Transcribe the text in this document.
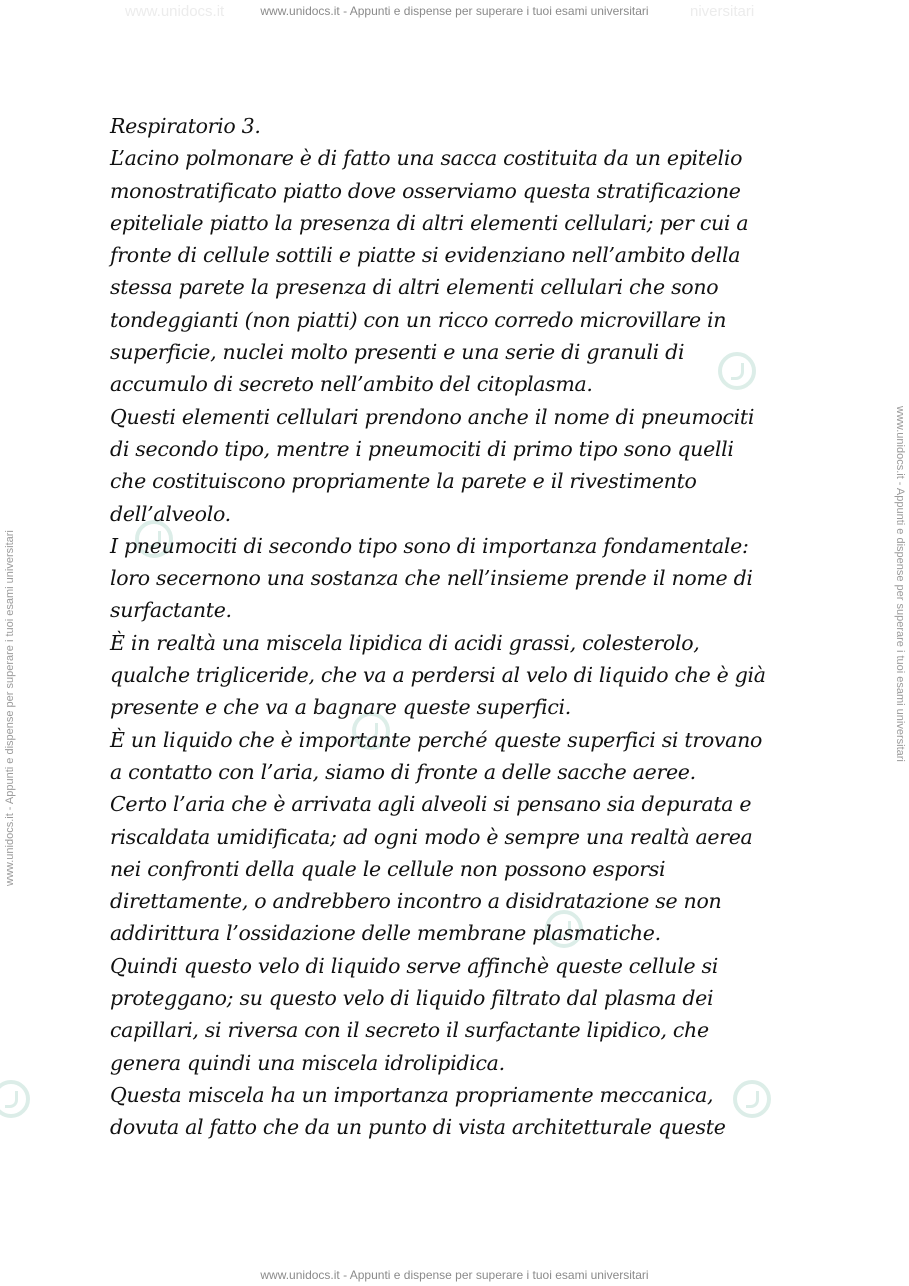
www.unidocs.it	niversitari
www.unidocs.it - Appunti e dispense per superare i tuoi esami universitari
www.unidocs.it - Appunti e dispense per superare i tuoi esami universitari	www.unidocs.it - Appunti e dispense per superare i tuoi esami universitari

Respiratorio 3.

L’acino polmonare è di fatto una sacca costituita da un epitelio

monostratificato piatto dove osserviamo questa stratificazione

epiteliale piatto la presenza di altri elementi cellulari; per cui a

fronte di cellule sottili e piatte si evidenziano nell’ambito della

stessa parete la presenza di altri elementi cellulari che sono

tondeggianti (non piatti) con un ricco corredo microvillare in

superficie, nuclei molto presenti e una serie di granuli di

accumulo di secreto nell’ambito del citoplasma.

Questi elementi cellulari prendono anche il nome di pneumociti

di secondo tipo, mentre i pneumociti di primo tipo sono quelli

che costituiscono propriamente la parete e il rivestimento

dell’alveolo.

I pneumociti di secondo tipo sono di importanza fondamentale:

loro secernono una sostanza che nell’insieme prende il nome di

surfactante.

È in realtà una miscela lipidica di acidi grassi, colesterolo,

qualche trigliceride, che va a perdersi al velo di liquido che è già

presente e che va a bagnare queste superfici.

È un liquido che è importante perché queste superfici si trovano

a contatto con l’aria, siamo di fronte a delle sacche aeree.

Certo l’aria che è arrivata agli alveoli si pensano sia depurata e

riscaldata umidificata; ad ogni modo è sempre una realtà aerea

nei confronti della quale le cellule non possono esporsi

direttamente, o andrebbero incontro a disidratazione se non

addirittura l’ossidazione delle membrane plasmatiche.

Quindi questo velo di liquido serve affinchè queste cellule si

proteggano; su questo velo di liquido filtrato dal plasma dei

capillari, si riversa con il secreto il surfactante lipidico, che

genera quindi una miscela idrolipidica.

Questa miscela ha un importanza propriamente meccanica,

dovuta al fatto che da un punto di vista architetturale queste

www.unidocs.it - Appunti e dispense per superare i tuoi esami universitari
